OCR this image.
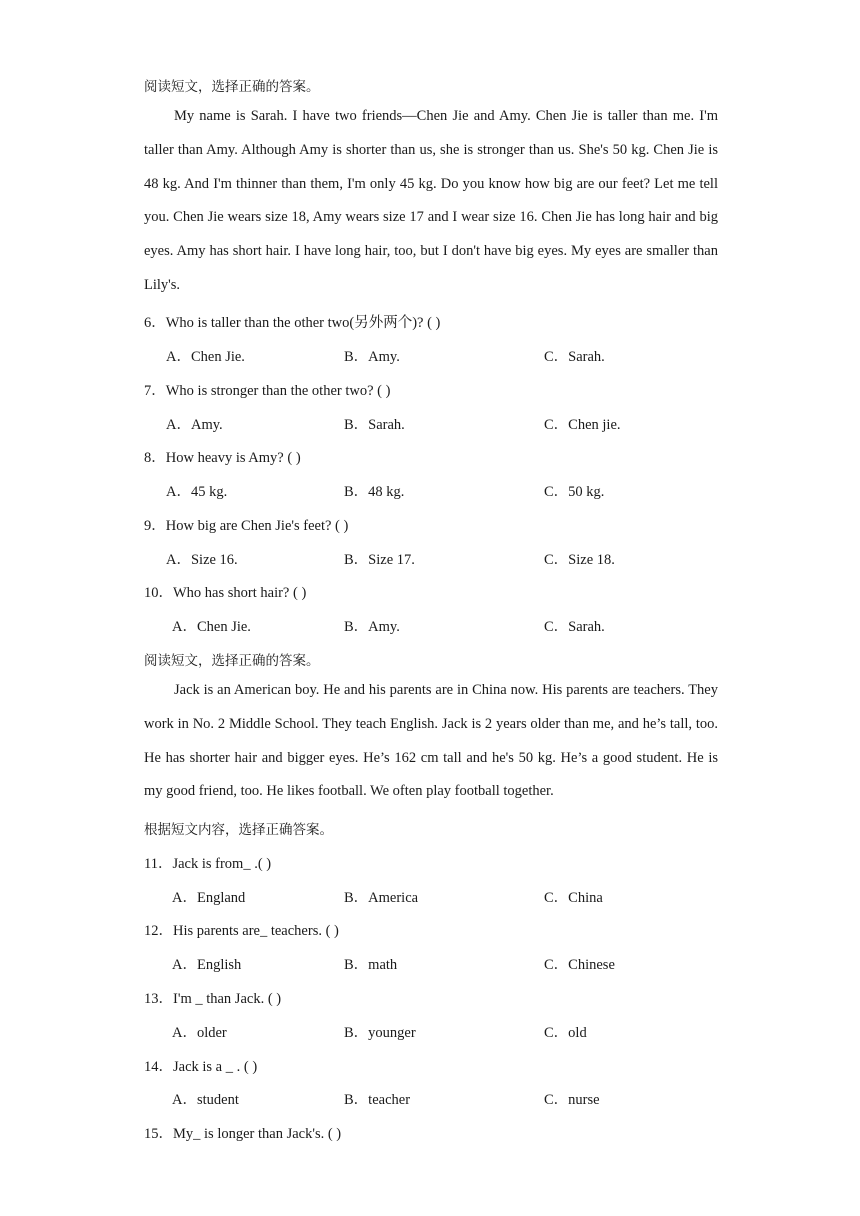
阅读短文，选择正确的答案。

My name is Sarah. I have two friends—Chen Jie and Amy. Chen Jie is taller than me. I'm taller than Amy. Although Amy is shorter than us, she is stronger than us. She's 50 kg. Chen Jie is 48 kg. And I'm thinner than them, I'm only 45 kg. Do you know how big are our feet? Let me tell you. Chen Jie wears size 18, Amy wears size 17 and I wear size 16. Chen Jie has long hair and big eyes. Amy has short hair. I have long hair, too, but I don't have big eyes. My eyes are smaller than Lily's.

6．Who is taller than the other two(另外两个)? ( )
A．Chen Jie.	B．Amy.	C．Sarah.
7．Who is stronger than the other two? ( )
A．Amy.	B．Sarah.	C．Chen jie.
8．How heavy is Amy? ( )
A．45 kg.	B．48 kg.	C．50 kg.
9．How big are Chen Jie's feet? ( )
A．Size 16.	B．Size 17.	C．Size 18.
10．Who has short hair? ( )
A．Chen Jie.	B．Amy.	C．Sarah.
阅读短文，选择正确的答案。

Jack is an American boy. He and his parents are in China now. His parents are teachers. They work in No. 2 Middle School. They teach English. Jack is 2 years older than me, and he’s tall, too. He has shorter hair and bigger eyes. He’s 162 cm tall and he's 50 kg. He’s a good student. He is my good friend, too. He likes football. We often play football together.

根据短文内容，选择正确答案。
11．Jack is from_ .( )
A．England	B．America	C．China
12．His parents are_ teachers. ( )
A．English	B．math	C．Chinese
13．I'm _ than Jack. ( )
A．older	B．younger	C．old
14．Jack is a _ . ( )
A．student	B．teacher	C．nurse
15．My_ is longer than Jack's. ( )
